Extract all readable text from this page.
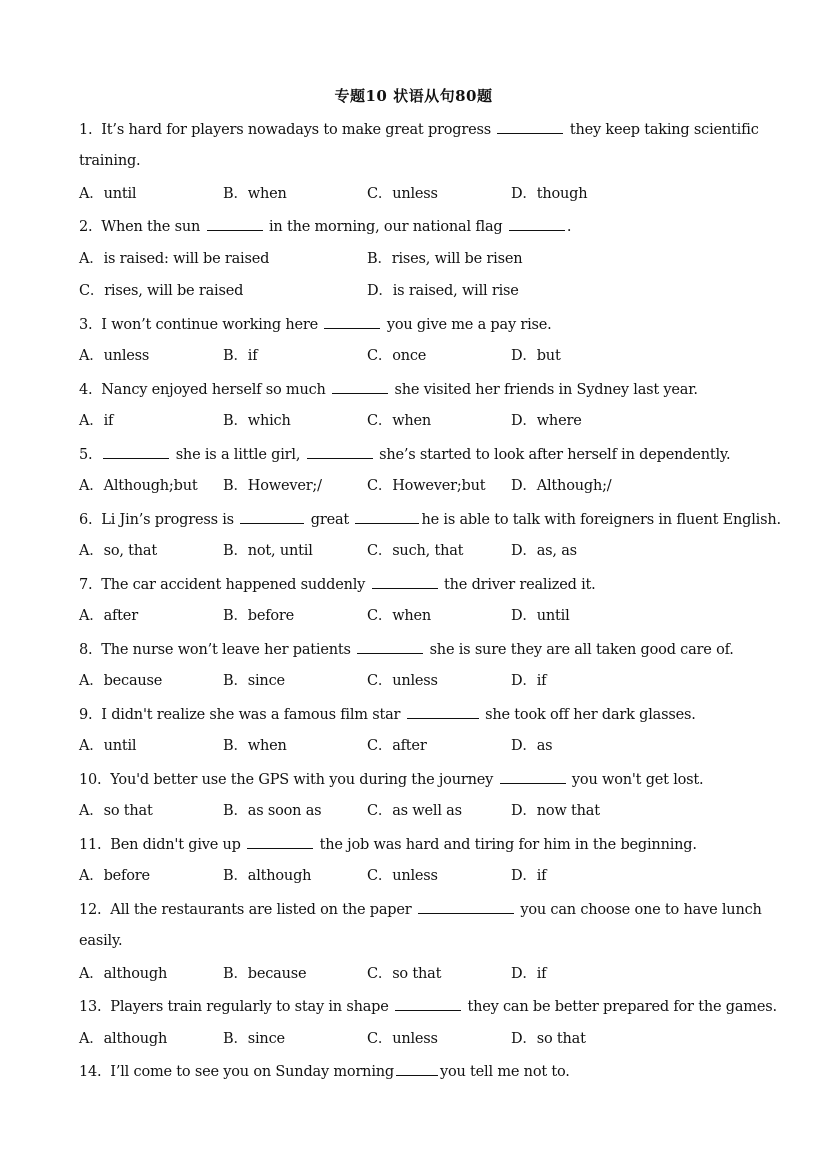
专题10 状语从句80题
1. It’s hard for players nowadays to make great progress	they keep taking scientific
training.
A．until	B．when	C．unless	D．though
2. When the sun	in the morning, our national flag	.
A．is raised: will be raised	B．rises, will be risen
C．rises, will be raised	D．is raised, will rise
3. I won’t continue working here	you give me a pay rise.
A．unless	B．if	C．once	D．but
4. Nancy enjoyed herself so much	she visited her friends in Sydney last year.
A．if	B．which	C．when	D．where
5.	she is a little girl,	she’s started to look after herself in dependently.
A．Although;but B．However;/	C．However;but D．Although;/
6. Li Jin’s progress is	great	he is able to talk with foreigners in fluent English.
A．so, that	B．not, until	C．such, that	D．as, as
7. The car accident happened suddenly	the driver realized it.
A．after	B．before	C．when	D．until
8. The nurse won’t leave her patients	she is sure they are all taken good care of.
A．because	B．since	C．unless	D．if
9. I didn't realize she was a famous film star	she took off her dark glasses.
A．until	B．when	C．after	D．as
10. You'd better use the GPS with you during the journey	you won't get lost.
A．so that	B．as soon as	C．as well as	D．now that
11. Ben didn't give up	the job was hard and tiring for him in the beginning.
A．before	B．although	C．unless	D．if
12. All the restaurants are listed on the paper	you can choose one to have lunch
easily.
A．although	B．because	C．so that	D．if
13. Players train regularly to stay in shape	they can be better prepared for the games.
A．although	B．since	C．unless	D．so that
14. I’ll come to see you on Sunday morning	you tell me not to.
